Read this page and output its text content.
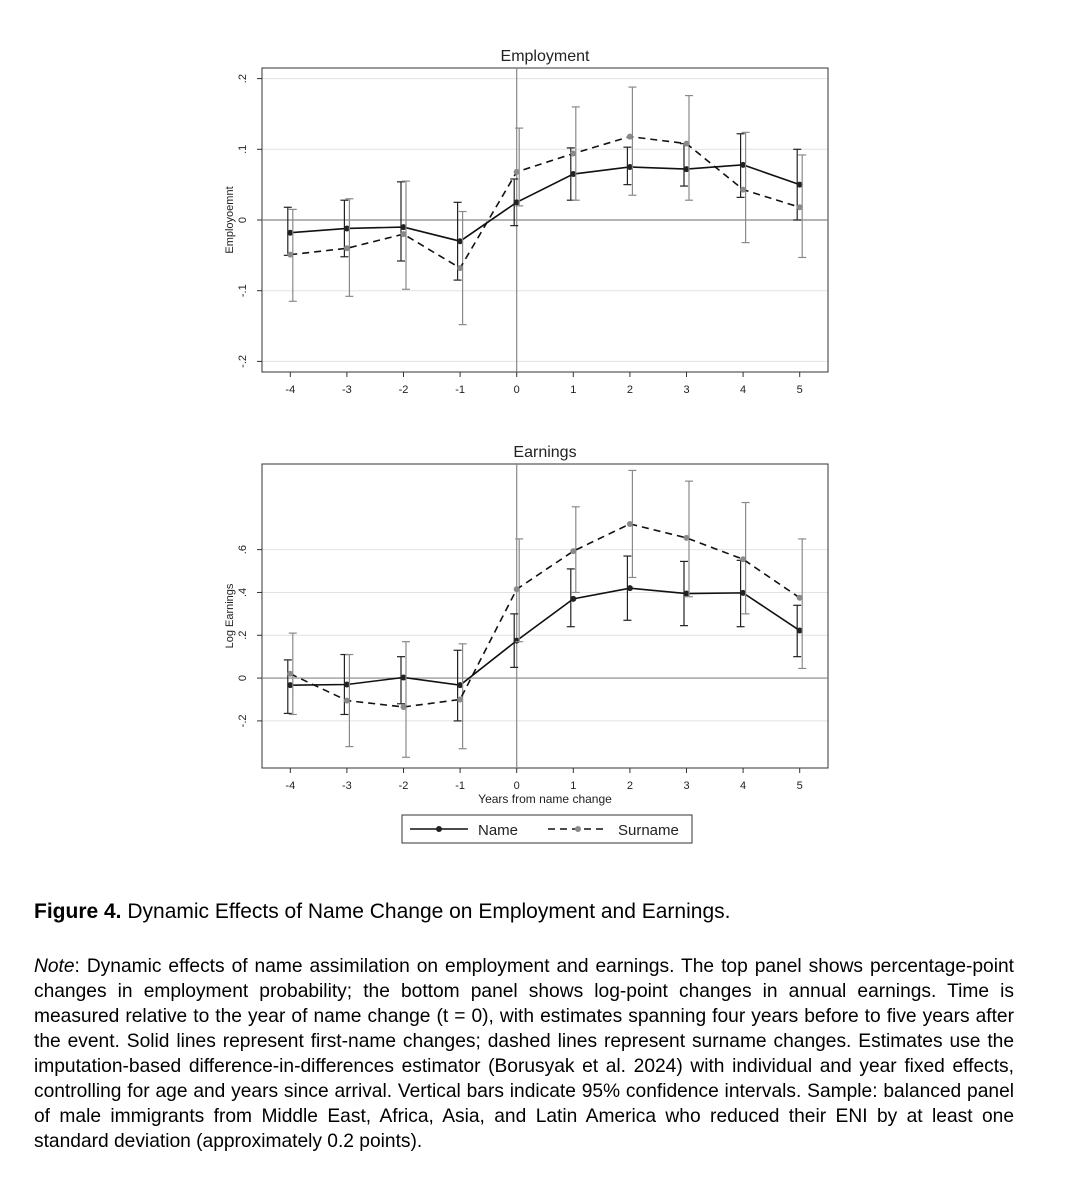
.2
.1
0
-.1
-.2
-4	-3	-2	-1	0	1	2	3	4	5
Employment
Employoemnt
.6
.4
.2
0
-.2
-4	-3	-2	-1	0	1	2	3	4	5
Earnings
Log Earnings
Years from name change
Name	Surname

Figure 4. Dynamic Effects of Name Change on Employment and Earnings.

Note: Dynamic effects of name assimilation on employment and earnings. The top panel shows percentage-point changes in employment probability; the bottom panel shows log-point changes in annual earnings. Time is measured relative to the year of name change (t = 0), with estimates spanning four years before to five years after the event. Solid lines represent first-name changes; dashed lines represent surname changes. Estimates use the imputation-based difference-in-differences estimator (Borusyak et al. 2024) with individual and year fixed effects, controlling for age and years since arrival. Vertical bars indicate 95% confidence intervals. Sample: balanced panel of male immigrants from Middle East, Africa, Asia, and Latin America who reduced their ENI by at least one standard deviation (approximately 0.2 points).
